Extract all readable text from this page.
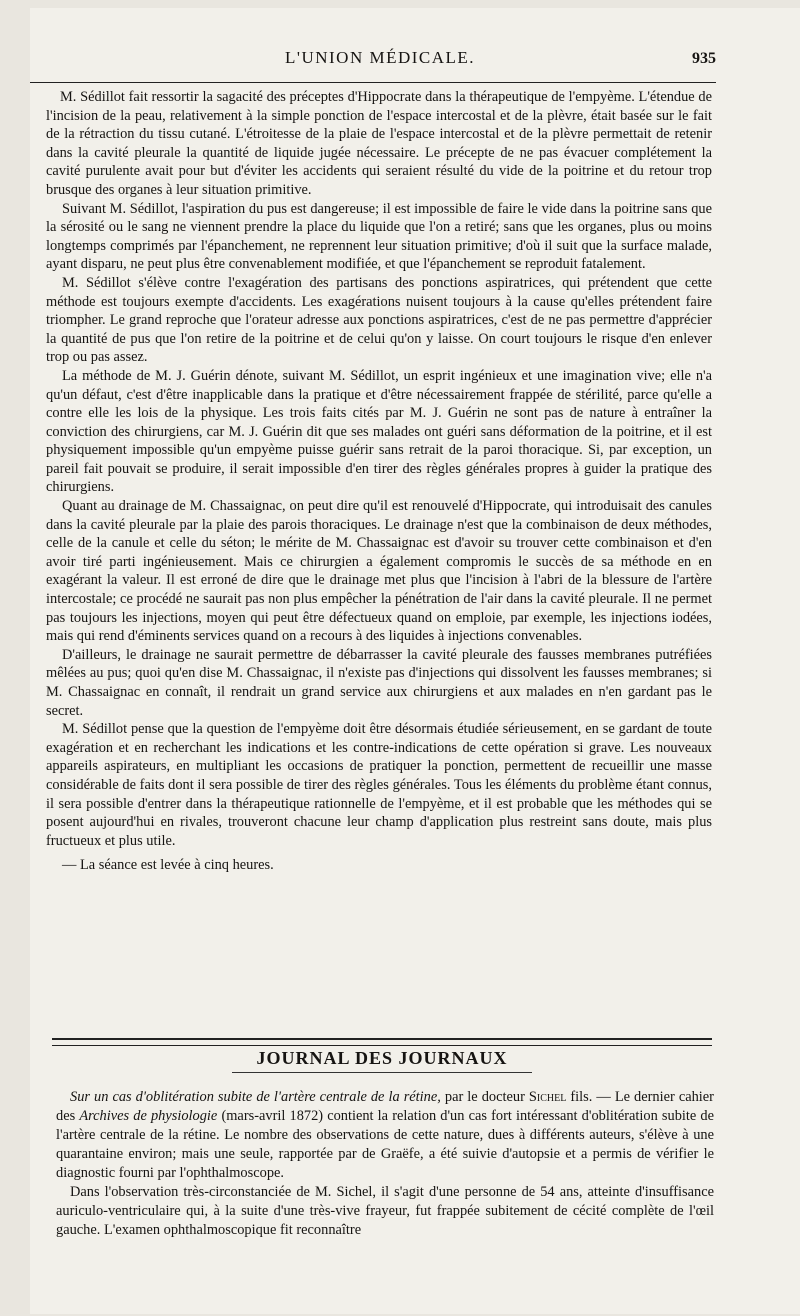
L'UNION MÉDICALE.	935

M. Sédillot fait ressortir la sagacité des préceptes d'Hippocrate dans la thérapeutique de l'empyème. L'étendue de l'incision de la peau, relativement à la simple ponction de l'espace intercostal et de la plèvre, était basée sur le fait de la rétraction du tissu cutané. L'étroitesse de la plaie de l'espace intercostal et de la plèvre permettait de retenir dans la cavité pleurale la quantité de liquide jugée nécessaire. Le précepte de ne pas évacuer complétement la cavité purulente avait pour but d'éviter les accidents qui seraient résulté du vide de la poitrine et du retour trop brusque des organes à leur situation primitive.

Suivant M. Sédillot, l'aspiration du pus est dangereuse; il est impossible de faire le vide dans la poitrine sans que la sérosité ou le sang ne viennent prendre la place du liquide que l'on a retiré; sans que les organes, plus ou moins longtemps comprimés par l'épanchement, ne reprennent leur situation primitive; d'où il suit que la surface malade, ayant disparu, ne peut plus être convenablement modifiée, et que l'épanchement se reproduit fatalement.

M. Sédillot s'élève contre l'exagération des partisans des ponctions aspiratrices, qui prétendent que cette méthode est toujours exempte d'accidents. Les exagérations nuisent toujours à la cause qu'elles prétendent faire triompher. Le grand reproche que l'orateur adresse aux ponctions aspiratrices, c'est de ne pas permettre d'apprécier la quantité de pus que l'on retire de la poitrine et de celui qu'on y laisse. On court toujours le risque d'en enlever trop ou pas assez.

La méthode de M. J. Guérin dénote, suivant M. Sédillot, un esprit ingénieux et une imagination vive; elle n'a qu'un défaut, c'est d'être inapplicable dans la pratique et d'être nécessairement frappée de stérilité, parce qu'elle a contre elle les lois de la physique. Les trois faits cités par M. J. Guérin ne sont pas de nature à entraîner la conviction des chirurgiens, car M. J. Guérin dit que ses malades ont guéri sans déformation de la poitrine, et il est physiquement impossible qu'un empyème puisse guérir sans retrait de la paroi thoracique. Si, par exception, un pareil fait pouvait se produire, il serait impossible d'en tirer des règles générales propres à guider la pratique des chirurgiens.

Quant au drainage de M. Chassaignac, on peut dire qu'il est renouvelé d'Hippocrate, qui introduisait des canules dans la cavité pleurale par la plaie des parois thoraciques. Le drainage n'est que la combinaison de deux méthodes, celle de la canule et celle du séton; le mérite de M. Chassaignac est d'avoir su trouver cette combinaison et d'en avoir tiré parti ingénieusement. Mais ce chirurgien a également compromis le succès de sa méthode en en exagérant la valeur. Il est erroné de dire que le drainage met plus que l'incision à l'abri de la blessure de l'artère intercostale; ce procédé ne saurait pas non plus empêcher la pénétration de l'air dans la cavité pleurale. Il ne permet pas toujours les injections, moyen qui peut être défectueux quand on emploie, par exemple, les injections iodées, mais qui rend d'éminents services quand on a recours à des liquides à injections convenables.

D'ailleurs, le drainage ne saurait permettre de débarrasser la cavité pleurale des fausses membranes putréfiées mêlées au pus; quoi qu'en dise M. Chassaignac, il n'existe pas d'injections qui dissolvent les fausses membranes; si M. Chassaignac en connaît, il rendrait un grand service aux chirurgiens et aux malades en n'en gardant pas le secret.

M. Sédillot pense que la question de l'empyème doit être désormais étudiée sérieusement, en se gardant de toute exagération et en recherchant les indications et les contre-indications de cette opération si grave. Les nouveaux appareils aspirateurs, en multipliant les occasions de pratiquer la ponction, permettent de recueillir une masse considérable de faits dont il sera possible de tirer des règles générales. Tous les éléments du problème étant connus, il sera possible d'entrer dans la thérapeutique rationnelle de l'empyème, et il est probable que les méthodes qui se posent aujourd'hui en rivales, trouveront chacune leur champ d'application plus restreint sans doute, mais plus fructueux et plus utile.

— La séance est levée à cinq heures.

JOURNAL DES JOURNAUX

Sur un cas d'oblitération subite de l'artère centrale de la rétine, par le docteur Sichel fils. — Le dernier cahier des Archives de physiologie (mars-avril 1872) contient la relation d'un cas fort intéressant d'oblitération subite de l'artère centrale de la rétine. Le nombre des observations de cette nature, dues à différents auteurs, s'élève à une quarantaine environ; mais une seule, rapportée par de Graëfe, a été suivie d'autopsie et a permis de vérifier le diagnostic fourni par l'ophthalmoscope.

Dans l'observation très-circonstanciée de M. Sichel, il s'agit d'une personne de 54 ans, atteinte d'insuffisance auriculo-ventriculaire qui, à la suite d'une très-vive frayeur, fut frappée subitement de cécité complète de l'œil gauche. L'examen ophthalmoscopique fit reconnaître
